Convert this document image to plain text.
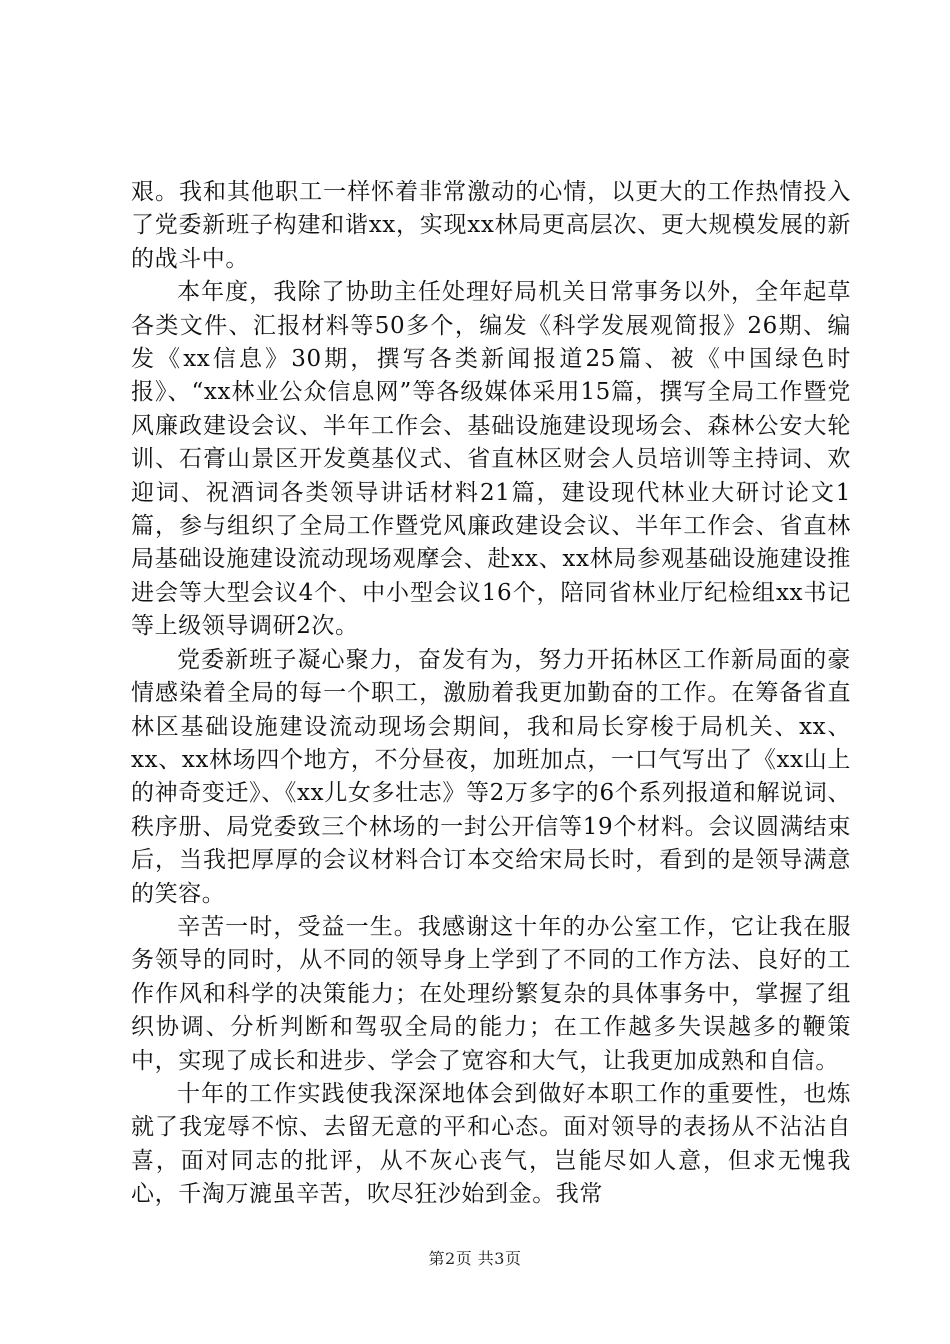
艰。我和其他职工一样怀着非常激动的心情，以更大的工作热情投入了党委新班子构建和谐xx，实现xx林局更高层次、更大规模发展的新的战斗中。

本年度，我除了协助主任处理好局机关日常事务以外，全年起草各类文件、汇报材料等50多个，编发《科学发展观简报》26期、编发《xx信息》30期，撰写各类新闻报道25篇、被《中国绿色时报》、“xx林业公众信息网”等各级媒体采用15篇，撰写全局工作暨党风廉政建设会议、半年工作会、基础设施建设现场会、森林公安大轮训、石膏山景区开发奠基仪式、省直林区财会人员培训等主持词、欢迎词、祝酒词各类领导讲话材料21篇，建设现代林业大研讨论文1篇，参与组织了全局工作暨党风廉政建设会议、半年工作会、省直林局基础设施建设流动现场观摩会、赴xx、xx林局参观基础设施建设推进会等大型会议4个、中小型会议16个，陪同省林业厅纪检组xx书记等上级领导调研2次。

党委新班子凝心聚力，奋发有为，努力开拓林区工作新局面的豪情感染着全局的每一个职工，激励着我更加勤奋的工作。在筹备省直林区基础设施建设流动现场会期间，我和局长穿梭于局机关、xx、xx、xx林场四个地方，不分昼夜，加班加点，一口气写出了《xx山上的神奇变迁》、《xx儿女多壮志》等2万多字的6个系列报道和解说词、秩序册、局党委致三个林场的一封公开信等19个材料。会议圆满结束后，当我把厚厚的会议材料合订本交给宋局长时，看到的是领导满意的笑容。

辛苦一时，受益一生。我感谢这十年的办公室工作，它让我在服务领导的同时，从不同的领导身上学到了不同的工作方法、良好的工作作风和科学的决策能力；在处理纷繁复杂的具体事务中，掌握了组织协调、分析判断和驾驭全局的能力；在工作越多失误越多的鞭策中，实现了成长和进步、学会了宽容和大气，让我更加成熟和自信。

十年的工作实践使我深深地体会到做好本职工作的重要性，也炼就了我宠辱不惊、去留无意的平和心态。面对领导的表扬从不沾沾自喜，面对同志的批评，从不灰心丧气，岂能尽如人意，但求无愧我心，千淘万漉虽辛苦，吹尽狂沙始到金。我常

第2页 共3页
